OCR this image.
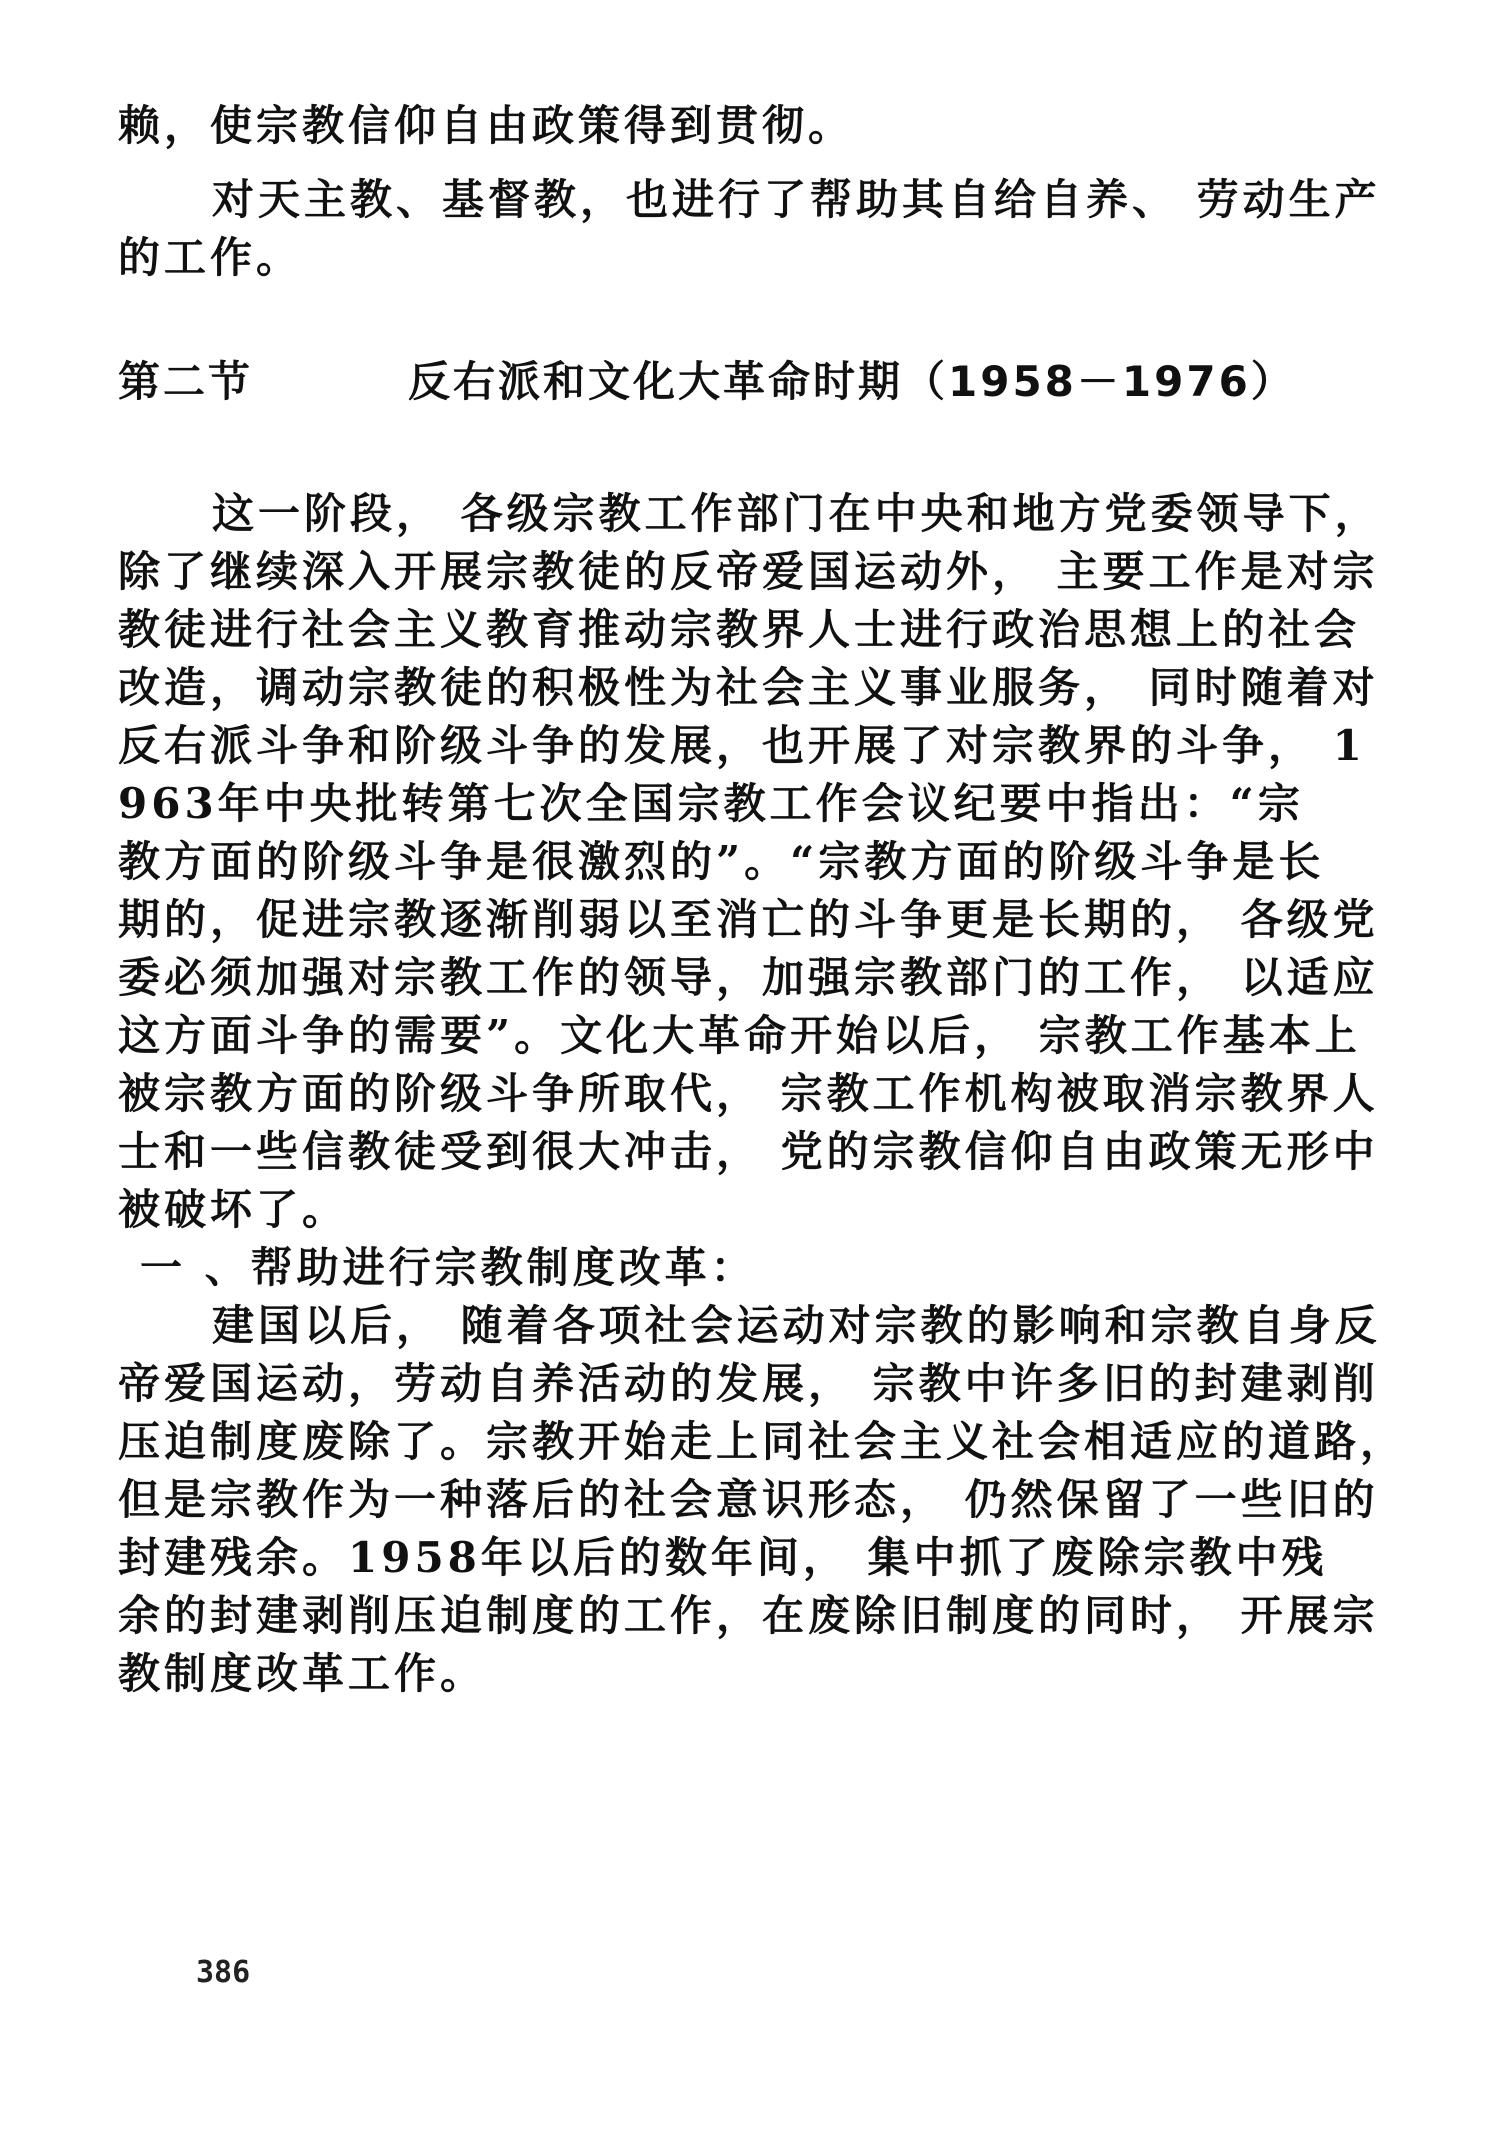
赖，使宗教信仰自由政策得到贯彻。
对天主教、基督教，也进行了帮助其自给自养、 劳动生产
的工作。
第二节	反右派和文化大革命时期（1958－1976）
这一阶段， 各级宗教工作部门在中央和地方党委领导下，
除了继续深入开展宗教徒的反帝爱国运动外， 主要工作是对宗
教徒进行社会主义教育推动宗教界人士进行政治思想上的社会
改造，调动宗教徒的积极性为社会主义事业服务， 同时随着对
反右派斗争和阶级斗争的发展，也开展了对宗教界的斗争， 1
963年中央批转第七次全国宗教工作会议纪要中指出：“宗
教方面的阶级斗争是很激烈的”。“宗教方面的阶级斗争是长
期的，促进宗教逐渐削弱以至消亡的斗争更是长期的， 各级党
委必须加强对宗教工作的领导，加强宗教部门的工作， 以适应
这方面斗争的需要”。文化大革命开始以后， 宗教工作基本上
被宗教方面的阶级斗争所取代， 宗教工作机构被取消宗教界人
士和一些信教徒受到很大冲击， 党的宗教信仰自由政策无形中
被破坏了。
一 、帮助进行宗教制度改革：
建国以后， 随着各项社会运动对宗教的影响和宗教自身反
帝爱国运动，劳动自养活动的发展， 宗教中许多旧的封建剥削
压迫制度废除了。宗教开始走上同社会主义社会相适应的道路，
但是宗教作为一种落后的社会意识形态， 仍然保留了一些旧的
封建残余。1958年以后的数年间， 集中抓了废除宗教中残
余的封建剥削压迫制度的工作，在废除旧制度的同时， 开展宗
教制度改革工作。
386
